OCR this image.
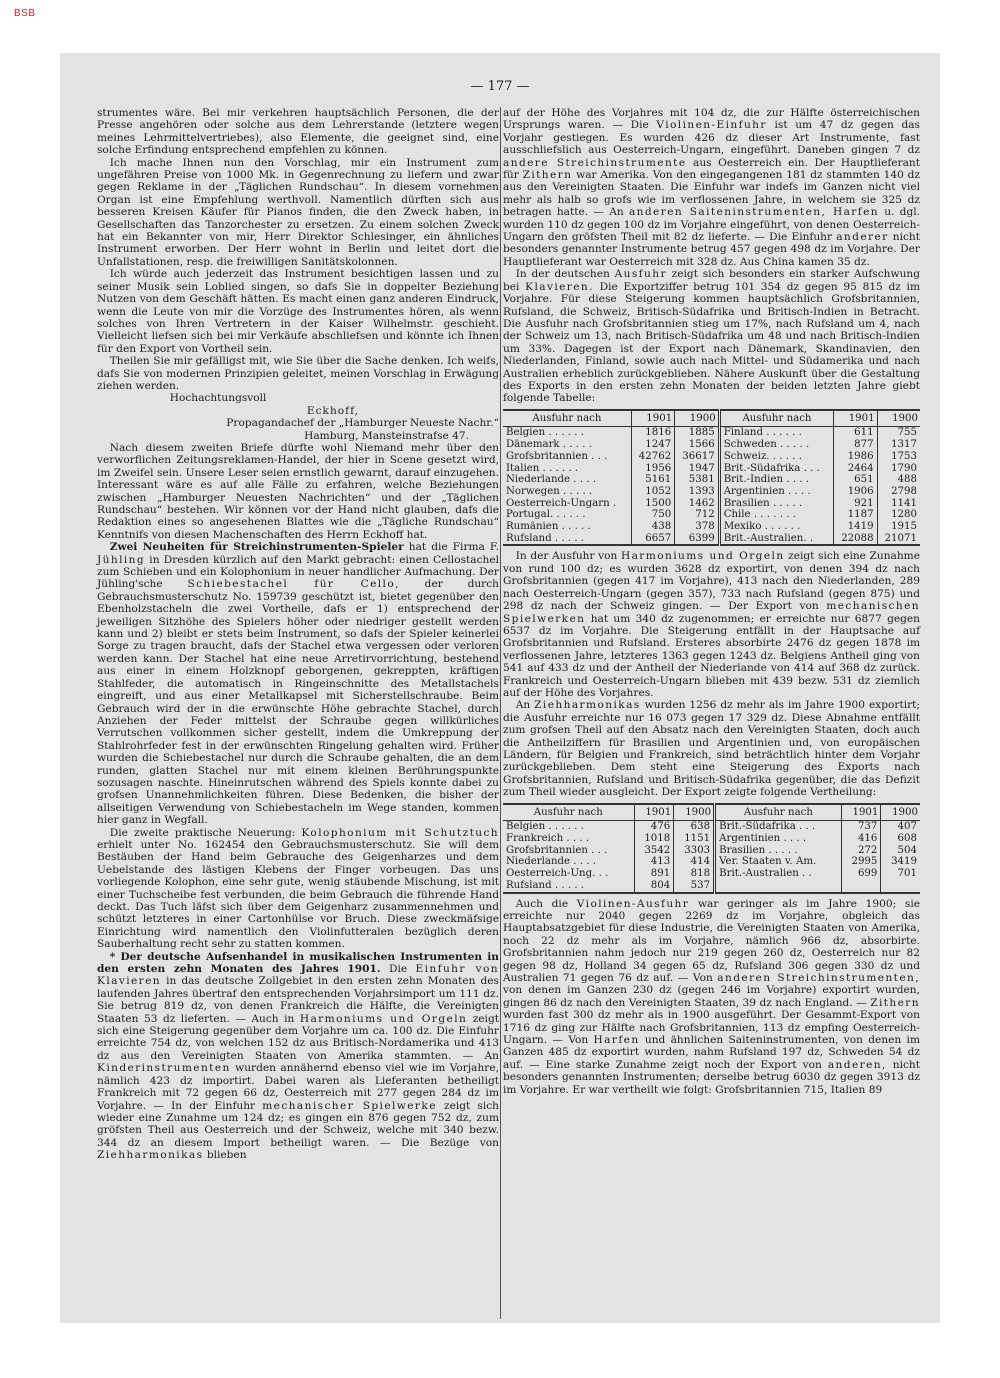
BSB
— 177 —

strumentes wäre. Bei mir verkehren hauptsächlich Personen, die der Presse angehören oder solche aus dem Lehrerstande (letztere wegen meines Lehrmittelvertriebes), also Elemente, die geeignet sind, eine solche Erfindung entsprechend empfehlen zu können.

Ich mache Ihnen nun den Vorschlag, mir ein Instrument zum ungefähren Preise von 1000 Mk. in Gegenrechnung zu liefern und zwar gegen Reklame in der „Täglichen Rundschau“. In diesem vornehmen Organ ist eine Empfehlung werthvoll. Namentlich dürften sich aus besseren Kreisen Käufer für Pianos finden, die den Zweck haben, in Gesellschaften das Tanzorchester zu ersetzen. Zu einem solchen Zweck hat ein Bekannter von mir, Herr Direktor Schlesinger, ein ähnliches Instrument erworben. Der Herr wohnt in Berlin und leitet dort die Unfallstationen, resp. die freiwilligen Sanitätskolonnen.

Ich würde auch jederzeit das Instrument besichtigen lassen und zu seiner Musik sein Loblied singen, so dafs Sie in doppelter Beziehung Nutzen von dem Geschäft hätten. Es macht einen ganz anderen Eindruck, wenn die Leute von mir die Vorzüge des Instrumentes hören, als wenn solches von Ihren Vertretern in der Kaiser Wilhelmstr. geschieht. Vielleicht liefsen sich bei mir Verkäufe abschliefsen und könnte ich Ihnen für den Export von Vortheil sein.

Theilen Sie mir gefälligst mit, wie Sie über die Sache denken. Ich weifs, dafs Sie von modernen Prinzipien geleitet, meinen Vorschlag in Erwägung ziehen werden.

Hochachtungsvoll

Eckhoff,
Propagandachef der „Hamburger Neueste Nachr.“
Hamburg, Mansteinstrafse 47.

Nach diesem zweiten Briefe dürfte wohl Niemand mehr über den verworflichen Zeitungsreklamen-Handel, der hier in Scene gesetzt wird, im Zweifel sein. Unsere Leser seien ernstlich gewarnt, darauf einzugehen. Interessant wäre es auf alle Fälle zu erfahren, welche Beziehungen zwischen „Hamburger Neuesten Nachrichten“ und der „Täglichen Rundschau“ bestehen. Wir können vor der Hand nicht glauben, dafs die Redaktion eines so angesehenen Blattes wie die „Tägliche Rundschau“ Kenntnifs von diesen Machenschaften des Herrn Eckhoff hat.

Zwei Neuheiten für Streichinstrumenten-Spieler hat die Firma F. Jühling in Dresden kürzlich auf den Markt gebracht: einen Cellostachel zum Schieben und ein Kolophonium in neuer handlicher Aufmachung. Der Jühling'sche Schiebestachel für Cello, der durch Gebrauchsmusterschutz No. 159739 geschützt ist, bietet gegenüber den Ebenholzstacheln die zwei Vortheile, dafs er 1) entsprechend der jeweiligen Sitzhöhe des Spielers höher oder niedriger gestellt werden kann und 2) bleibt er stets beim Instrument, so dafs der Spieler keinerlei Sorge zu tragen braucht, dafs der Stachel etwa vergessen oder verloren werden kann. Der Stachel hat eine neue Arretirvorrichtung, bestehend aus einer in einem Holzknopf geborgenen, gekreppten, kräftigen Stahlfeder, die automatisch in Ringeinschnitte des Metallstachels eingreift, und aus einer Metallkapsel mit Sicherstellschraube. Beim Gebrauch wird der in die erwünschte Höhe gebrachte Stachel, durch Anziehen der Feder mittelst der Schraube gegen willkürliches Verrutschen vollkommen sicher gestellt, indem die Umkreppung der Stahlrohrfeder fest in der erwünschten Ringelung gehalten wird. Früher wurden die Schiebestachel nur durch die Schraube gehalten, die an dem runden, glatten Stachel nur mit einem kleinen Berührungspunkte sozusagen naschte. Hineinrutschen während des Spiels konnte dabei zu grofsen Unannehmlichkeiten führen. Diese Bedenken, die bisher der allseitigen Verwendung von Schiebestacheln im Wege standen, kommen hier ganz in Wegfall.

Die zweite praktische Neuerung: Kolophonium mit Schutztuch erhielt unter No. 162454 den Gebrauchsmusterschutz. Sie will dem Bestäuben der Hand beim Gebrauche des Geigenharzes und dem Uebelstande des lästigen Klebens der Finger vorbeugen. Das uns vorliegende Kolophon, eine sehr gute, wenig stäubende Mischung, ist mit einer Tuchscheibe fest verbunden, die beim Gebrauch die führende Hand deckt. Das Tuch läfst sich über dem Geigenharz zusammennehmen und schützt letzteres in einer Cartonhülse vor Bruch. Diese zweckmäfsige Einrichtung wird namentlich den Violinfutteralen bezüglich deren Sauberhaltung recht sehr zu statten kommen.

* Der deutsche Aufsenhandel in musikalischen Instrumenten in den ersten zehn Monaten des Jahres 1901. Die Einfuhr von Klavieren in das deutsche Zollgebiet in den ersten zehn Monaten des laufenden Jahres übertraf den entsprechenden Vorjahrsimport um 111 dz. Sie betrug 819 dz, von denen Frankreich die Hälfte, die Vereinigten Staaten 53 dz lieferten. — Auch in Harmoniums und Orgeln zeigt sich eine Steigerung gegenüber dem Vorjahre um ca. 100 dz. Die Einfuhr erreichte 754 dz, von welchen 152 dz aus Britisch-Nordamerika und 413 dz aus den Vereinigten Staaten von Amerika stammten. — An Kinderinstrumenten wurden annähernd ebenso viel wie im Vorjahre, nämlich 423 dz importirt. Dabei waren als Lieferanten betheiligt Frankreich mit 72 gegen 66 dz, Oesterreich mit 277 gegen 284 dz im Vorjahre. — In der Einfuhr mechanischer Spielwerke zeigt sich wieder eine Zunahme um 124 dz; es gingen ein 876 gegen 752 dz, zum gröfsten Theil aus Oesterreich und der Schweiz, welche mit 340 bezw. 344 dz an diesem Import betheiligt waren. — Die Bezüge von Ziehharmonikas blieben

auf der Höhe des Vorjahres mit 104 dz, die zur Hälfte österreichischen Ursprungs waren. — Die Violinen-Einfuhr ist um 47 dz gegen das Vorjahr gestiegen. Es wurden 426 dz dieser Art Instrumente, fast ausschliefslich aus Oesterreich-Ungarn, eingeführt. Daneben gingen 7 dz andere Streichinstrumente aus Oesterreich ein. Der Hauptlieferant für Zithern war Amerika. Von den eingegangenen 181 dz stammten 140 dz aus den Vereinigten Staaten. Die Einfuhr war indefs im Ganzen nicht viel mehr als halb so grofs wie im verflossenen Jahre, in welchem sie 325 dz betragen hatte. — An anderen Saiteninstrumenten, Harfen u. dgl. wurden 110 dz gegen 100 dz im Vorjahre eingeführt, von denen Oesterreich-Ungarn den gröfsten Theil mit 82 dz lieferte. — Die Einfuhr anderer nicht besonders genannter Instrumente betrug 457 gegen 498 dz im Vorjahre. Der Hauptlieferant war Oesterreich mit 328 dz. Aus China kamen 35 dz.

In der deutschen Ausfuhr zeigt sich besonders ein starker Aufschwung bei Klavieren. Die Exportziffer betrug 101 354 dz gegen 95 815 dz im Vorjahre. Für diese Steigerung kommen hauptsächlich Grofsbritannien, Rufsland, die Schweiz, Britisch-Südafrika und Britisch-Indien in Betracht. Die Ausfuhr nach Grofsbritannien stieg um 17%, nach Rufsland um 4, nach der Schweiz um 13, nach Britisch-Südafrika um 48 und nach Britisch-Indien um 33%. Dagegen ist der Export nach Dänemark, Skandinavien, den Niederlanden, Finland, sowie auch nach Mittel- und Südamerika und nach Australien erheblich zurückgeblieben. Nähere Auskunft über die Gestaltung des Exports in den ersten zehn Monaten der beiden letzten Jahre giebt folgende Tabelle:

Ausfuhr nach	1901	1900	Ausfuhr nach	1901	1900
Belgien . . . . . .	1816	1885	Finland . . . . . .	611	755
Dänemark . . . . .	1247	1566	Schweden . . . . .	877	1317
Grofsbritannien . . .	42762	36617	Schweiz. . . . . .	1986	1753
Italien . . . . . .	1956	1947	Brit.-Südafrika . . .	2464	1790
Niederlande . . . .	5161	5381	Brit.-Indien . . . .	651	488
Norwegen . . . . .	1052	1393	Argentinien . . . .	1906	2798
Oesterreich-Ungarn .	1500	1462	Brasilien . . . . .	921	1141
Portugal. . . . . .	750	712	Chile . . . . . . .	1187	1280
Rumänien . . . . .	438	378	Mexiko . . . . . .	1419	1915
Rufsland . . . . .	6657	6399	Brit.-Australien. .	22088	21071

In der Ausfuhr von Harmoniums und Orgeln zeigt sich eine Zunahme von rund 100 dz; es wurden 3628 dz exportirt, von denen 394 dz nach Grofsbritannien (gegen 417 im Vorjahre), 413 nach den Niederlanden, 289 nach Oesterreich-Ungarn (gegen 357), 733 nach Rufsland (gegen 875) und 298 dz nach der Schweiz gingen. — Der Export von mechanischen Spielwerken hat um 340 dz zugenommen; er erreichte nur 6877 gegen 6537 dz im Vorjahre. Die Steigerung entfällt in der Hauptsache auf Grofsbritannien und Rufsland. Ersteres absorbirte 2476 dz gegen 1878 im verflossenen Jahre, letzteres 1363 gegen 1243 dz. Belgiens Antheil ging von 541 auf 433 dz und der Antheil der Niederlande von 414 auf 368 dz zurück. Frankreich und Oesterreich-Ungarn blieben mit 439 bezw. 531 dz ziemlich auf der Höhe des Vorjahres.

An Ziehharmonikas wurden 1256 dz mehr als im Jahre 1900 exportirt; die Ausfuhr erreichte nur 16 073 gegen 17 329 dz. Diese Abnahme entfällt zum grofsen Theil auf den Absatz nach den Vereinigten Staaten, doch auch die Antheilziffern für Brasilien und Argentinien und, von europäischen Ländern, für Belgien und Frankreich, sind beträchtlich hinter dem Vorjahr zurückgeblieben. Dem steht eine Steigerung des Exports nach Grofsbritannien, Rufsland und Britisch-Südafrika gegenüber, die das Defizit zum Theil wieder ausgleicht. Der Export zeigte folgende Vertheilung:

Ausfuhr nach	1901	1900	Ausfuhr nach	1901	1900
Belgien . . . . . .	476	638	Brit.-Südafrika . . .	737	407
Frankreich . . . .	1018	1151	Argentinien . . . .	416	608
Grofsbritannien . . .	3542	3303	Brasilien . . . . .	272	504
Niederlande . . . .	413	414	Ver. Staaten v. Am.	2995	3419
Oesterreich-Ung. . .	891	818	Brit.-Australien . .	699	701
Rufsland . . . . .	804	537			

Auch die Violinen-Ausfuhr war geringer als im Jahre 1900; sie erreichte nur 2040 gegen 2269 dz im Vorjahre, obgleich das Hauptabsatzgebiet für diese Industrie, die Vereinigten Staaten von Amerika, noch 22 dz mehr als im Vorjahre, nämlich 966 dz, absorbirte. Grofsbritannien nahm jedoch nur 219 gegen 260 dz, Oesterreich nur 82 gegen 98 dz, Holland 34 gegen 65 dz, Rufsland 306 gegen 330 dz und Australien 71 gegen 76 dz auf. — Von anderen Streichinstrumenten, von denen im Ganzen 230 dz (gegen 246 im Vorjahre) exportirt wurden, gingen 86 dz nach den Vereinigten Staaten, 39 dz nach England. — Zithern wurden fast 300 dz mehr als in 1900 ausgeführt. Der Gesammt-Export von 1716 dz ging zur Hälfte nach Grofsbritannien, 113 dz empfing Oesterreich-Ungarn. — Von Harfen und ähnlichen Saiteninstrumenten, von denen im Ganzen 485 dz exportirt wurden, nahm Rufsland 197 dz, Schweden 54 dz auf. — Eine starke Zunahme zeigt noch der Export von anderen, nicht besonders genannten Instrumenten; derselbe betrug 6030 dz gegen 3913 dz im Vorjahre. Er war vertheilt wie folgt: Grofsbritannien 715, Italien 89
